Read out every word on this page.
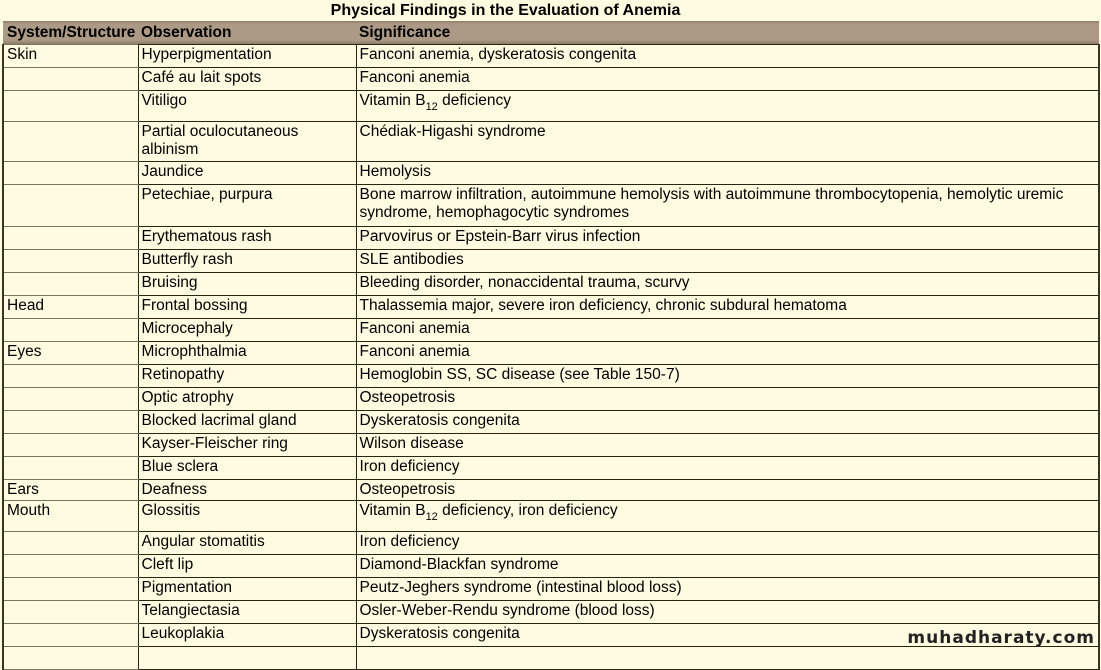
Physical Findings in the Evaluation of Anemia
System/Structure	Observation	Significance
Skin	Hyperpigmentation	Fanconi anemia, dyskeratosis congenita
	Café au lait spots	Fanconi anemia
	Vitiligo	Vitamin $B_{12}$ deficiency
	Partial oculocutaneous albinism	Chédiak-Higashi syndrome
	Jaundice	Hemolysis
	Petechiae, purpura	Bone marrow infiltration, autoimmune hemolysis with autoimmune thrombocytopenia, hemolytic uremic syndrome, hemophagocytic syndromes
	Erythematous rash	Parvovirus or Epstein-Barr virus infection
	Butterfly rash	SLE antibodies
	Bruising	Bleeding disorder, nonaccidental trauma, scurvy
Head	Frontal bossing	Thalassemia major, severe iron deficiency, chronic subdural hematoma
	Microcephaly	Fanconi anemia
Eyes	Microphthalmia	Fanconi anemia
	Retinopathy	Hemoglobin SS, SC disease (see Table 150-7)
	Optic atrophy	Osteopetrosis
	Blocked lacrimal gland	Dyskeratosis congenita
	Kayser-Fleischer ring	Wilson disease
	Blue sclera	Iron deficiency
Ears	Deafness	Osteopetrosis
Mouth	Glossitis	Vitamin $B_{12}$ deficiency, iron deficiency
	Angular stomatitis	Iron deficiency
	Cleft lip	Diamond-Blackfan syndrome
	Pigmentation	Peutz-Jeghers syndrome (intestinal blood loss)
	Telangiectasia	Osler-Weber-Rendu syndrome (blood loss)
	Leukoplakia	Dyskeratosis congenita
			muhadharaty.com
